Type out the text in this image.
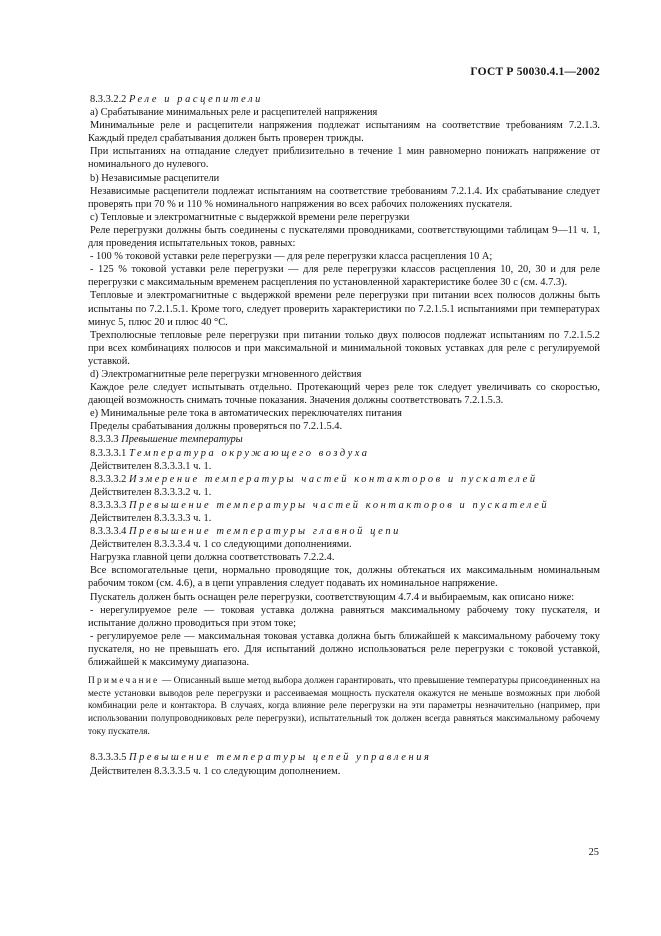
ГОСТ Р 50030.4.1—2002

8.3.3.2.2 Реле и расцепители

a) Срабатывание минимальных реле и расцепителей напряжения

Минимальные реле и расцепители напряжения подлежат испытаниям на соответствие требованиям 7.2.1.3. Каждый предел срабатывания должен быть проверен трижды.

При испытаниях на отпадание следует приблизительно в течение 1 мин равномерно понижать напряжение от номинального до нулевого.

b) Независимые расцепители

Независимые расцепители подлежат испытаниям на соответствие требованиям 7.2.1.4. Их срабатывание следует проверять при 70 % и 110 % номинального напряжения во всех рабочих положениях пускателя.

c) Тепловые и электромагнитные с выдержкой времени реле перегрузки

Реле перегрузки должны быть соединены с пускателями проводниками, соответствующими таблицам 9—11 ч. 1, для проведения испытательных токов, равных:

- 100 % токовой уставки реле перегрузки — для реле перегрузки класса расцепления 10 А;

- 125 % токовой уставки реле перегрузки — для реле перегрузки классов расцепления 10, 20, 30 и для реле перегрузки с максимальным временем расцепления по установленной характеристике более 30 с (см. 4.7.3).

Тепловые и электромагнитные с выдержкой времени реле перегрузки при питании всех полюсов должны быть испытаны по 7.2.1.5.1. Кроме того, следует проверить характеристики по 7.2.1.5.1 испытаниями при температурах минус 5, плюс 20 и плюс 40 °C.

Трехполюсные тепловые реле перегрузки при питании только двух полюсов подлежат испытаниям по 7.2.1.5.2 при всех комбинациях полюсов и при максимальной и минимальной токовых уставках для реле с регулируемой уставкой.

d) Электромагнитные реле перегрузки мгновенного действия

Каждое реле следует испытывать отдельно. Протекающий через реле ток следует увеличивать со скоростью, дающей возможность снимать точные показания. Значения должны соответствовать 7.2.1.5.3.

e) Минимальные реле тока в автоматических переключателях питания

Пределы срабатывания должны проверяться по 7.2.1.5.4.

8.3.3.3 Превышение температуры

8.3.3.3.1 Температура окружающего воздуха

Действителен 8.3.3.3.1 ч. 1.

8.3.3.3.2 Измерение температуры частей контакторов и пускателей

Действителен 8.3.3.3.2 ч. 1.

8.3.3.3.3 Превышение температуры частей контакторов и пускателей

Действителен 8.3.3.3.3 ч. 1.

8.3.3.3.4 Превышение температуры главной цепи

Действителен 8.3.3.3.4 ч. 1 со следующими дополнениями.

Нагрузка главной цепи должна соответствовать 7.2.2.4.

Все вспомогательные цепи, нормально проводящие ток, должны обтекаться их максимальным номинальным рабочим током (см. 4.6), а в цепи управления следует подавать их номинальное напряжение.

Пускатель должен быть оснащен реле перегрузки, соответствующим 4.7.4 и выбираемым, как описано ниже:

- нерегулируемое реле — токовая уставка должна равняться максимальному рабочему току пускателя, и испытание должно проводиться при этом токе;

- регулируемое реле — максимальная токовая уставка должна быть ближайшей к максимальному рабочему току пускателя, но не превышать его. Для испытаний должно использоваться реле перегрузки с токовой уставкой, ближайшей к максимуму диапазона.

Примечание — Описанный выше метод выбора должен гарантировать, что превышение температуры присоединенных на месте установки выводов реле перегрузки и рассеиваемая мощность пускателя окажутся не меньше возможных при любой комбинации реле и контактора. В случаях, когда влияние реле перегрузки на эти параметры незначительно (например, при использовании полупроводниковых реле перегрузки), испытательный ток должен всегда равняться максимальному рабочему току пускателя.

8.3.3.3.5 Превышение температуры цепей управления

Действителен 8.3.3.3.5 ч. 1 со следующим дополнением.

25
